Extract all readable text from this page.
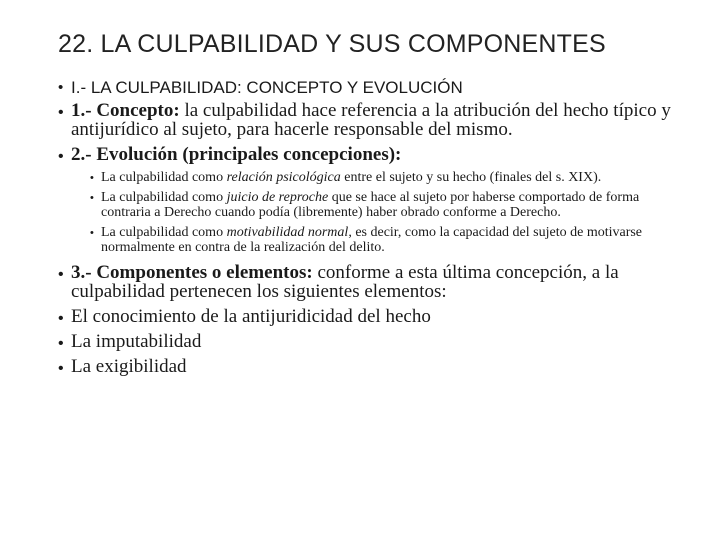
22. LA CULPABILIDAD Y SUS COMPONENTES
• I.- LA CULPABILIDAD: CONCEPTO Y EVOLUCIÓN
• 1.- Concepto: la culpabilidad hace referencia a la atribución del hecho típico y antijurídico al sujeto, para hacerle responsable del mismo.
• 2.- Evolución (principales concepciones):
• La culpabilidad como relación psicológica entre el sujeto y su hecho (finales del s. XIX).
• La culpabilidad como juicio de reproche que se hace al sujeto por haberse comportado de forma contraria a Derecho cuando podía (libremente) haber obrado conforme a Derecho.
• La culpabilidad como motivabilidad normal, es decir, como la capacidad del sujeto de motivarse normalmente en contra de la realización del delito.
• 3.- Componentes o elementos: conforme a esta última concepción, a la culpabilidad pertenecen los siguientes elementos:
• El conocimiento de la antijuridicidad del hecho
• La imputabilidad
• La exigibilidad
